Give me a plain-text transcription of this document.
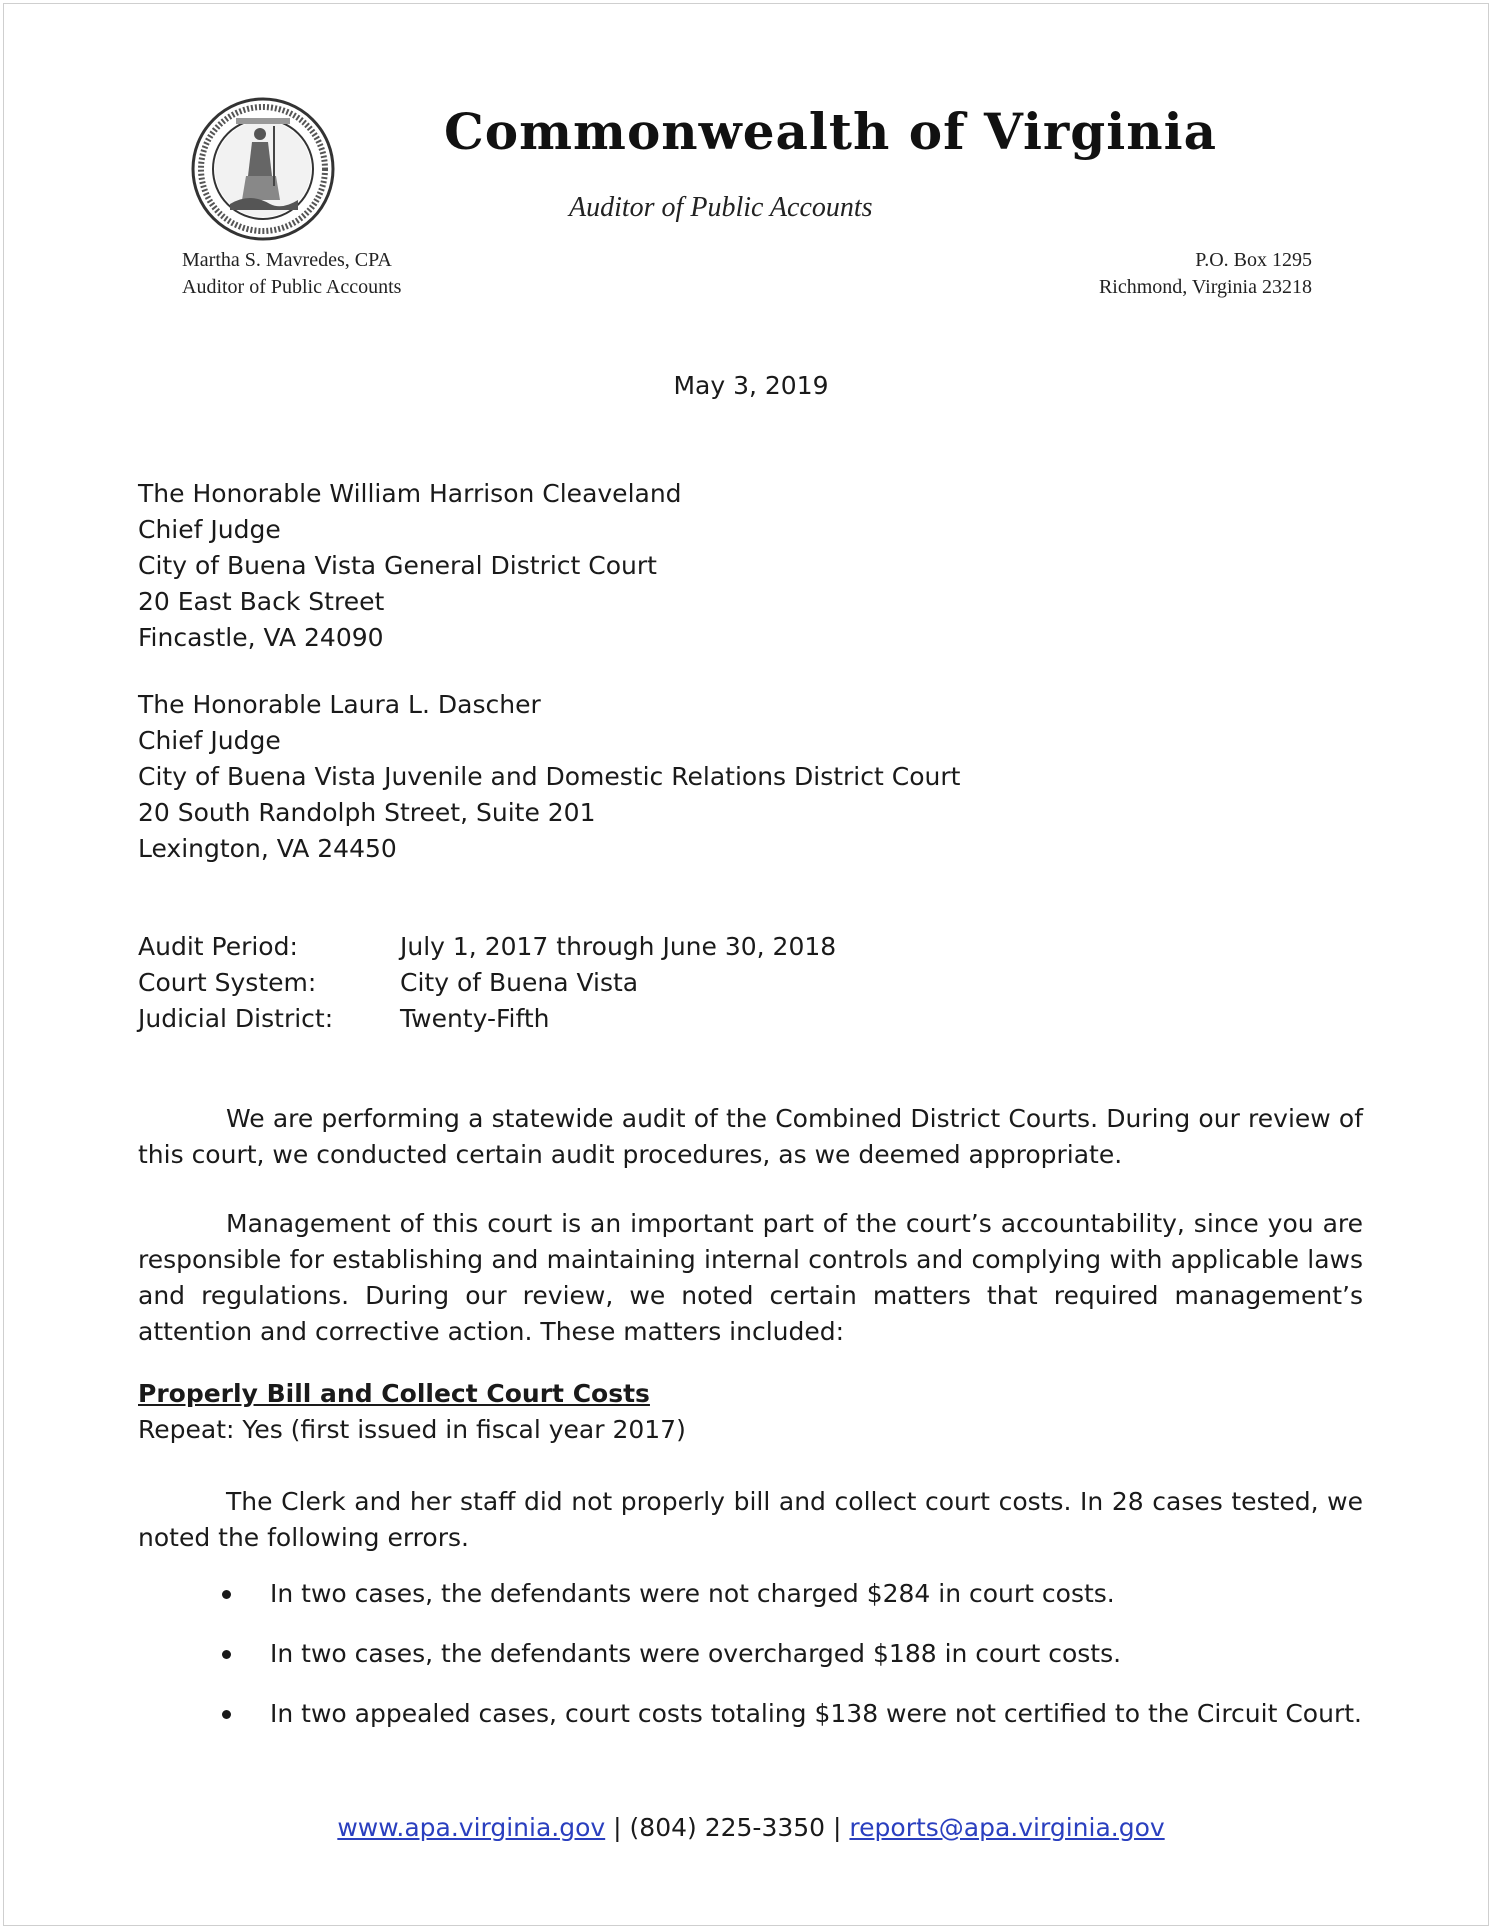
Commonwealth of Virginia
Auditor of Public Accounts
Martha S. Mavredes, CPA
Auditor of Public Accounts
P.O. Box 1295
Richmond, Virginia 23218
May 3, 2019
The Honorable William Harrison Cleaveland
Chief Judge
City of Buena Vista General District Court
20 East Back Street
Fincastle, VA 24090
The Honorable Laura L. Dascher
Chief Judge
City of Buena Vista Juvenile and Domestic Relations District Court
20 South Randolph Street, Suite 201
Lexington, VA 24450
Audit Period:	July 1, 2017 through June 30, 2018
Court System:	City of Buena Vista
Judicial District:	Twenty-Fifth
We are performing a statewide audit of the Combined District Courts. During our review of this court, we conducted certain audit procedures, as we deemed appropriate.
Management of this court is an important part of the court’s accountability, since you are responsible for establishing and maintaining internal controls and complying with applicable laws and regulations. During our review, we noted certain matters that required management’s attention and corrective action. These matters included:
Properly Bill and Collect Court Costs
Repeat: Yes (first issued in fiscal year 2017)
The Clerk and her staff did not properly bill and collect court costs. In 28 cases tested, we noted the following errors.
In two cases, the defendants were not charged $284 in court costs.
In two cases, the defendants were overcharged $188 in court costs.
In two appealed cases, court costs totaling $138 were not certified to the Circuit Court.
www.apa.virginia.gov | (804) 225-3350 | reports@apa.virginia.gov
